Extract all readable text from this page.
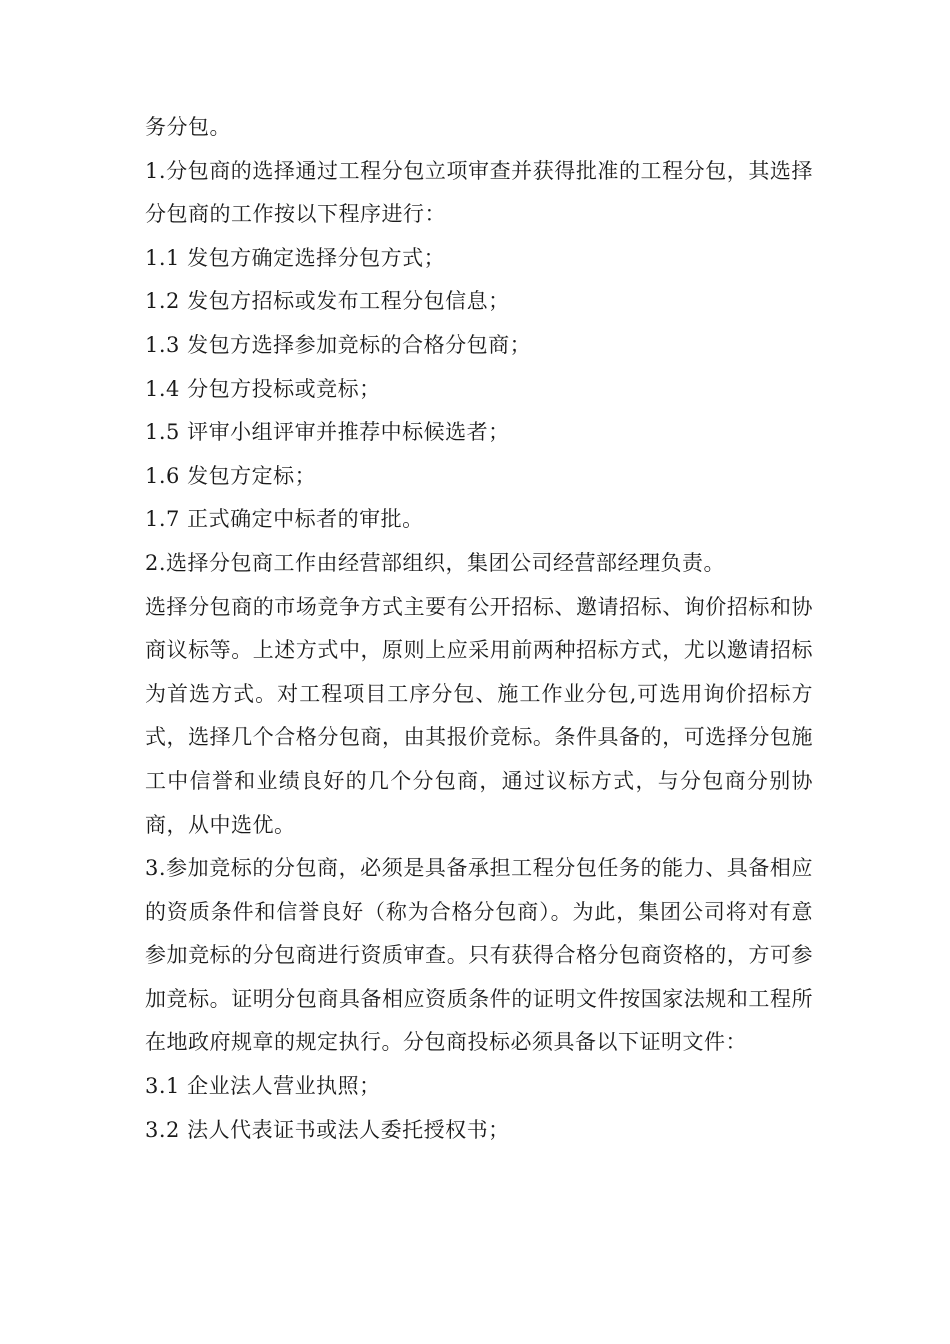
务分包。

1.分包商的选择通过工程分包立项审查并获得批准的工程分包，其选择分包商的工作按以下程序进行：

1.1 发包方确定选择分包方式；

1.2 发包方招标或发布工程分包信息；

1.3 发包方选择参加竞标的合格分包商；

1.4 分包方投标或竞标；

1.5 评审小组评审并推荐中标候选者；

1.6 发包方定标；

1.7 正式确定中标者的审批。

2.选择分包商工作由经营部组织，集团公司经营部经理负责。

选择分包商的市场竞争方式主要有公开招标、邀请招标、询价招标和协商议标等。上述方式中，原则上应采用前两种招标方式，尤以邀请招标为首选方式。对工程项目工序分包、施工作业分包,可选用询价招标方式，选择几个合格分包商，由其报价竞标。条件具备的，可选择分包施工中信誉和业绩良好的几个分包商，通过议标方式，与分包商分别协商，从中选优。

3.参加竞标的分包商，必须是具备承担工程分包任务的能力、具备相应的资质条件和信誉良好（称为合格分包商）。为此，集团公司将对有意参加竞标的分包商进行资质审查。只有获得合格分包商资格的，方可参加竞标。证明分包商具备相应资质条件的证明文件按国家法规和工程所在地政府规章的规定执行。分包商投标必须具备以下证明文件：

3.1 企业法人营业执照；

3.2 法人代表证书或法人委托授权书；
